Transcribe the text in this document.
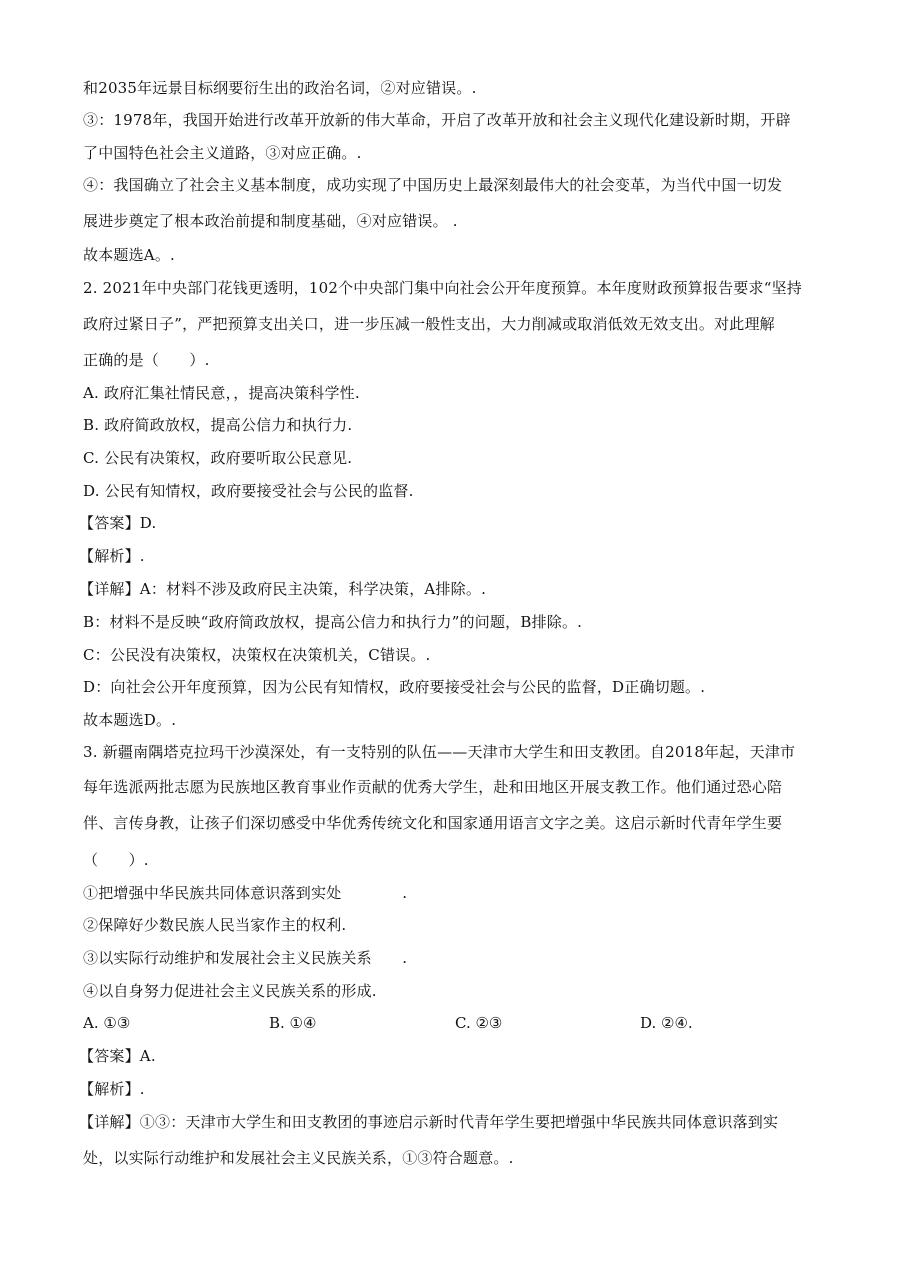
和2035年远景目标纲要衍生出的政治名词，②对应错误。.

③：1978年，我国开始进行改革开放新的伟大革命，开启了改革开放和社会主义现代化建设新时期，开辟

了中国特色社会主义道路，③对应正确。.

④：我国确立了社会主义基本制度，成功实现了中国历史上最深刻最伟大的社会变革，为当代中国一切发

展进步奠定了根本政治前提和制度基础，④对应错误。 .

故本题选A。.

2. 2021年中央部门花钱更透明，102个中央部门集中向社会公开年度预算。本年度财政预算报告要求“坚持

政府过紧日子”，严把预算支出关口，进一步压减一般性支出，大力削减或取消低效无效支出。对此理解

正确的是（　　）.

A. 政府汇集社情民意，，提高决策科学性.

B. 政府简政放权，提高公信力和执行力.

C. 公民有决策权，政府要听取公民意见.

D. 公民有知情权，政府要接受社会与公民的监督.

【答案】D.

【解析】.

【详解】A：材料不涉及政府民主决策，科学决策，A排除。.

B：材料不是反映“政府简政放权，提高公信力和执行力”的问题，B排除。.

C：公民没有决策权，决策权在决策机关，C错误。.

D：向社会公开年度预算，因为公民有知情权，政府要接受社会与公民的监督，D正确切题。.

故本题选D。.

3. 新疆南隅塔克拉玛干沙漠深处，有一支特别的队伍——天津市大学生和田支教团。自2018年起，天津市

每年选派两批志愿为民族地区教育事业作贡献的优秀大学生，赴和田地区开展支教工作。他们通过恐心陪

伴、言传身教，让孩子们深切感受中华优秀传统文化和国家通用语言文字之美。这启示新时代青年学生要

（　　）.

①把增强中华民族共同体意识落到实处　　　　.

②保障好少数民族人民当家作主的权利.

③以实际行动维护和发展社会主义民族关系　　.

④以自身努力促进社会主义民族关系的形成.

A. ①③	B. ①④	C. ②③	D. ②④.

【答案】A.

【解析】.

【详解】①③：天津市大学生和田支教团的事迹启示新时代青年学生要把增强中华民族共同体意识落到实

处，以实际行动维护和发展社会主义民族关系，①③符合题意。.
